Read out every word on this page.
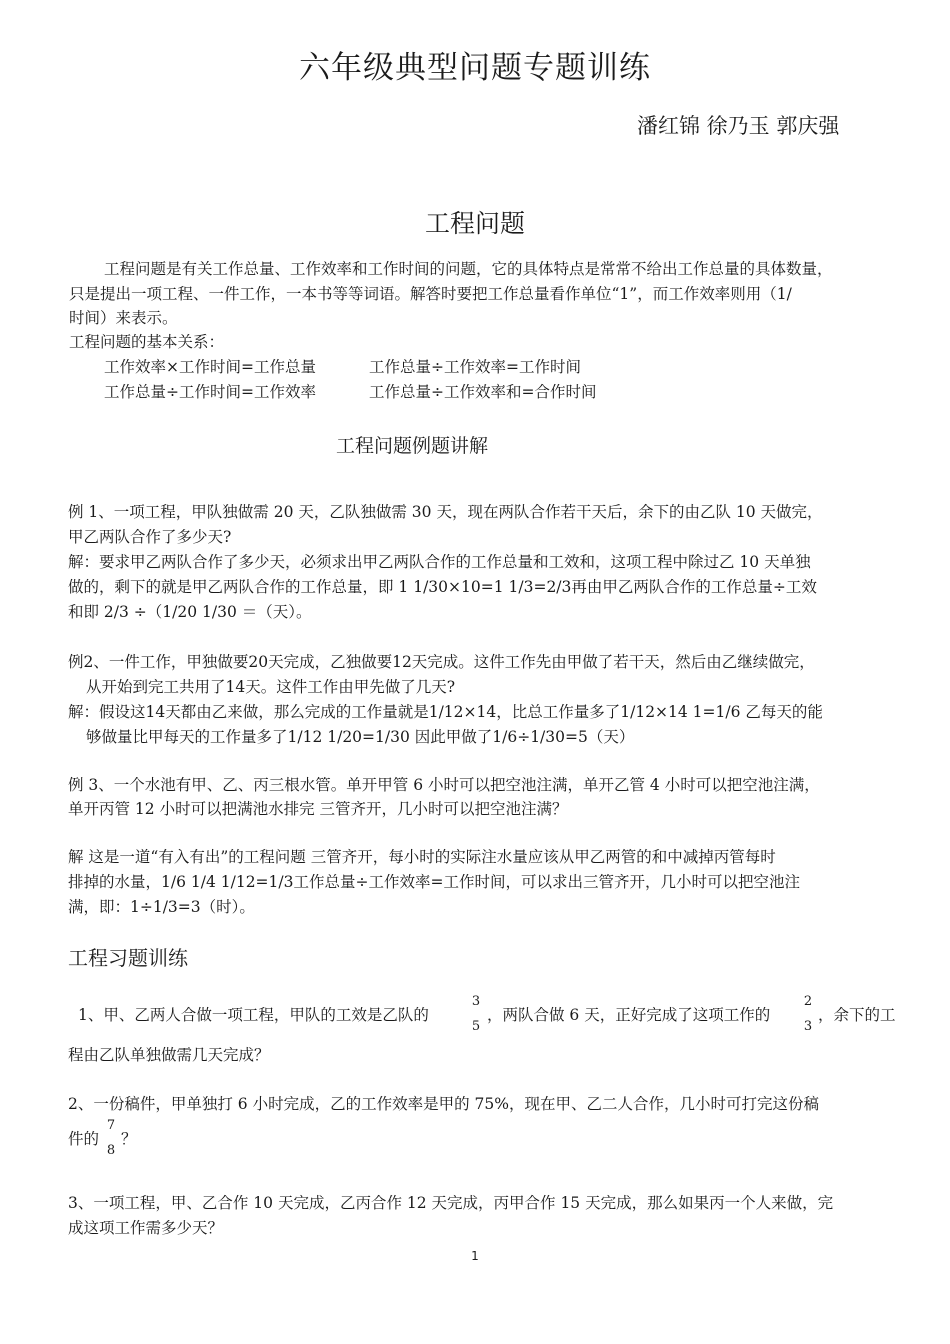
六年级典型问题专题训练
潘红锦 徐乃玉 郭庆强
工程问题
工程问题是有关工作总量、工作效率和工作时间的问题，它的具体特点是常常不给出工作总量的具体数量，
只是提出一项工程、一件工作，一本书等等词语。解答时要把工作总量看作单位“1”，而工作效率则用（1/
时间）来表示。
工程问题的基本关系：
工作效率×工作时间=工作总量	工作总量÷工作效率=工作时间
工作总量÷工作时间=工作效率	工作总量÷工作效率和=合作时间
工程问题例题讲解
例 1、一项工程，甲队独做需 20 天，乙队独做需 30 天，现在两队合作若干天后，余下的由乙队 10 天做完，
甲乙两队合作了多少天?
解：要求甲乙两队合作了多少天，必须求出甲乙两队合作的工作总量和工效和，这项工程中除过乙 10 天单独
做的，剩下的就是甲乙两队合作的工作总量，即 1 1/30×10=1 1/3=2/3再由甲乙两队合作的工作总量÷工效
和即 2/3 ÷（1/20 1/30 ＝（天）。
例2、一件工作，甲独做要20天完成，乙独做要12天完成。这件工作先由甲做了若干天，然后由乙继续做完，
从开始到完工共用了14天。这件工作由甲先做了几天?
解：假设这14天都由乙来做，那么完成的工作量就是1/12×14，比总工作量多了1/12×14 1=1/6 乙每天的能
够做量比甲每天的工作量多了1/12 1/20=1/30 因此甲做了1/6÷1/30=5（天）
例 3、一个水池有甲、乙、丙三根水管。单开甲管 6 小时可以把空池注满，单开乙管 4 小时可以把空池注满，
单开丙管 12 小时可以把满池水排完 三管齐开，几小时可以把空池注满？
解 这是一道“有入有出”的工程问题 三管齐开，每小时的实际注水量应该从甲乙两管的和中减掉丙管每时
排掉的水量，1/6 1/4 1/12=1/3工作总量÷工作效率=工作时间，可以求出三管齐开，几小时可以把空池注
满，即：1÷1/3=3（时）。
工程习题训练
1、甲、乙两人合做一项工程，甲队的工效是乙队的
3
5
，两队合做 6 天，正好完成了这项工作的
2
3
，余下的工
程由乙队单独做需几天完成？
2、一份稿件，甲单独打 6 小时完成，乙的工作效率是甲的 75%，现在甲、乙二人合作，几小时可打完这份稿
件的
7
8
？
3、一项工程，甲、乙合作 10 天完成，乙丙合作 12 天完成，丙甲合作 15 天完成，那么如果丙一个人来做，完
成这项工作需多少天？
1
